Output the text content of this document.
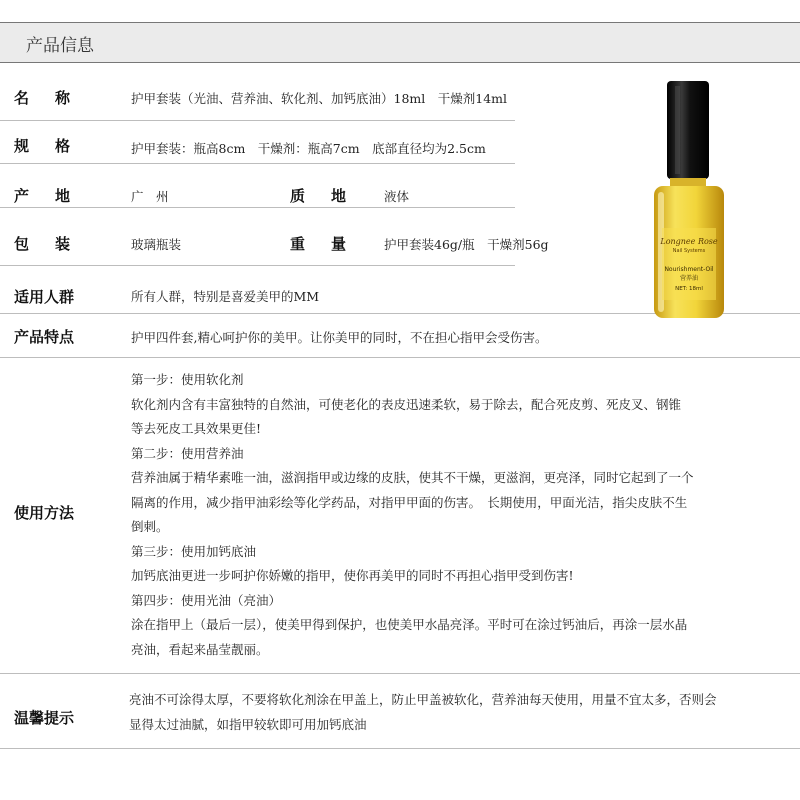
产品信息
名称	护甲套装（光油、营养油、软化剂、加钙底油）18ml　干燥剂14ml
规格	护甲套装：瓶高8cm　干燥剂：瓶高7cm　底部直径均为2.5cm
产地	广　州	质地 液体
包装	玻璃瓶装	重量 护甲套装46g/瓶　干燥剂56g
适用人群	所有人群，特别是喜爱美甲的MM
产品特点	护甲四件套,精心呵护你的美甲。让你美甲的同时，不在担心指甲会受伤害。
使用方法
第一步：使用软化剂
软化剂内含有丰富独特的自然油，可使老化的表皮迅速柔软，易于除去，配合死皮剪、死皮叉、钢锥
等去死皮工具效果更佳!
第二步：使用营养油
营养油属于精华素唯一油，滋润指甲或边缘的皮肤，使其不干燥，更滋润，更亮泽，同时它起到了一个
隔离的作用，减少指甲油彩绘等化学药品，对指甲甲面的伤害。　长期使用，甲面光洁，指尖皮肤不生
倒刺。
第三步：使用加钙底油
加钙底油更进一步呵护你娇嫩的指甲，使你再美甲的同时不再担心指甲受到伤害!
第四步：使用光油（亮油）
涂在指甲上（最后一层），使美甲得到保护，也使美甲水晶亮泽。平时可在涂过钙油后，再涂一层水晶
亮油，看起来晶莹靓丽。
温馨提示
亮油不可涂得太厚，不要将软化剂涂在甲盖上，防止甲盖被软化，营养油每天使用，用量不宜太多，否则会
显得太过油腻，如指甲较软即可用加钙底油
Longnee Rose
Nail Systems
Nourishment-Oil
营养油
NET: 18ml
